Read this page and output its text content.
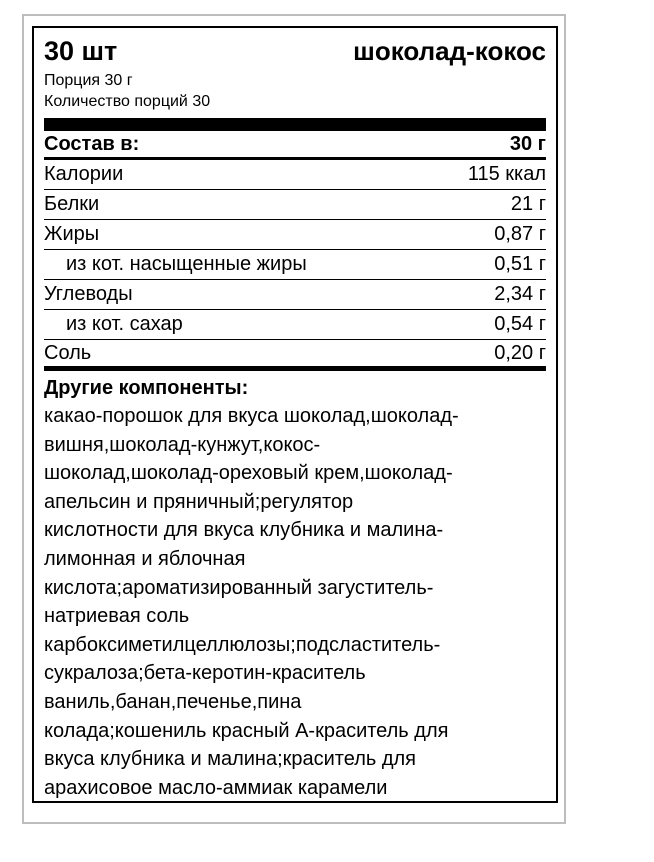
30 шт	шоколад-кокос
Порция 30 г
Количество порций 30
Состав в:	30 г
Калории	115 ккал
Белки	21 г
Жиры	0,87 г
из кот. насыщенные жиры	0,51 г
Углеводы	2,34 г
из кот. сахар	0,54 г
Соль	0,20 г
Другие компоненты:
какао-порошок для вкуса шоколад,шоколад-
вишня,шоколад-кунжут,кокос-
шоколад,шоколад-ореховый крем,шоколад-
апельсин и пряничный;регулятор
кислотности для вкуса клубника и малина-
лимонная и яблочная
кислота;ароматизированный загуститель-
натриевая соль
карбоксиметилцеллюлозы;подсластитель-
сукралоза;бета-керотин-краситель
ваниль,банан,печенье,пина
колада;кошениль красный А-краситель для
вкуса клубника и малина;краситель для
арахисовое масло-аммиак карамели
